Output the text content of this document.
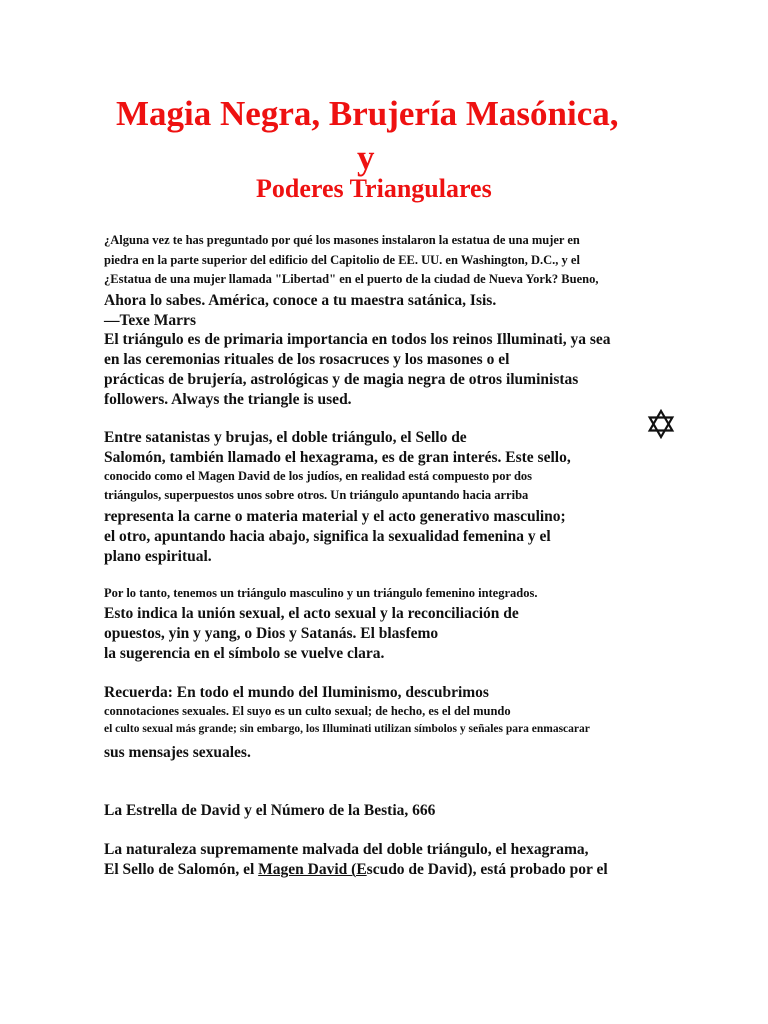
Magia Negra, Brujería Masónica,
y
Poderes Triangulares

¿Alguna vez te has preguntado por qué los masones instalaron la estatua de una mujer en

piedra en la parte superior del edificio del Capitolio de EE. UU. en Washington, D.C., y el

¿Estatua de una mujer llamada "Libertad" en el puerto de la ciudad de Nueva York? Bueno,

Ahora lo sabes. América, conoce a tu maestra satánica, Isis.

—Texe Marrs

El triángulo es de primaria importancia en todos los reinos Illuminati, ya sea

en las ceremonias rituales de los rosacruces y los masones o el

prácticas de brujería, astrológicas y de magia negra de otros iluministas

followers. Always the triangle is used.

Entre satanistas y brujas, el doble triángulo, el Sello de

Salomón, también llamado el hexagrama, es de gran interés. Este sello,

conocido como el Magen David de los judíos, en realidad está compuesto por dos

triángulos, superpuestos unos sobre otros. Un triángulo apuntando hacia arriba

representa la carne o materia material y el acto generativo masculino;

el otro, apuntando hacia abajo, significa la sexualidad femenina y el

plano espiritual.

Por lo tanto, tenemos un triángulo masculino y un triángulo femenino integrados.

Esto indica la unión sexual, el acto sexual y la reconciliación de

opuestos, yin y yang, o Dios y Satanás. El blasfemo

la sugerencia en el símbolo se vuelve clara.

Recuerda: En todo el mundo del Iluminismo, descubrimos

connotaciones sexuales. El suyo es un culto sexual; de hecho, es el del mundo

el culto sexual más grande; sin embargo, los Illuminati utilizan símbolos y señales para enmascarar

sus mensajes sexuales.

La Estrella de David y el Número de la Bestia, 666

La naturaleza supremamente malvada del doble triángulo, el hexagrama,

El Sello de Salomón, el Magen David (Escudo de David), está probado por el
